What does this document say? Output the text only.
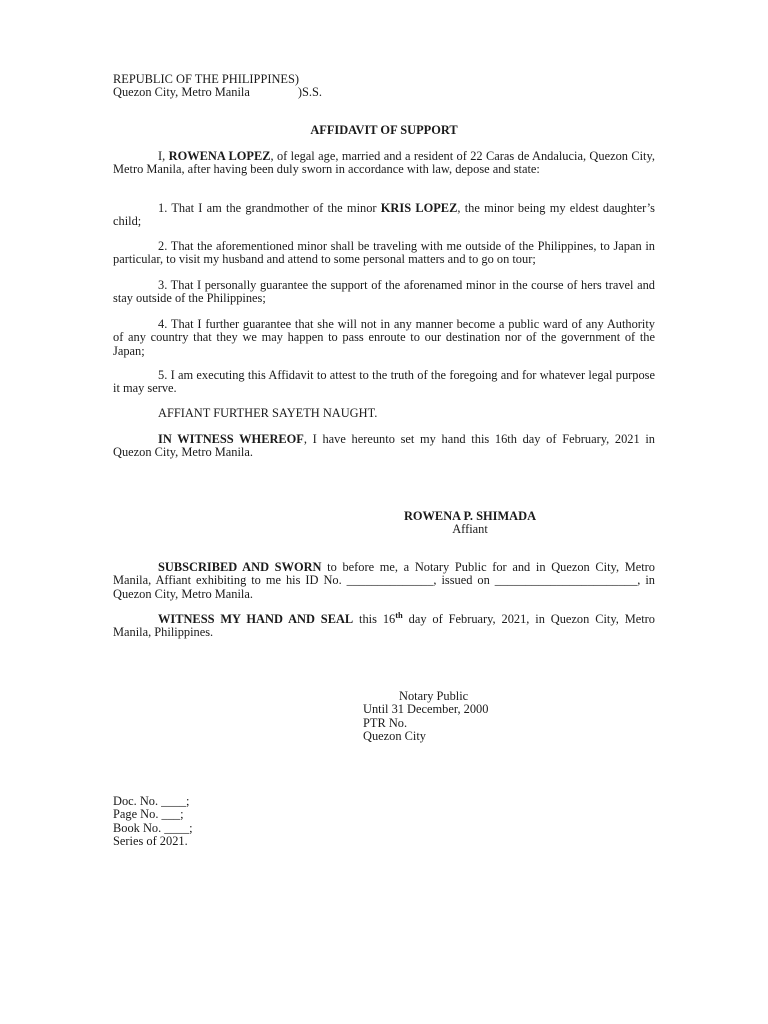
REPUBLIC OF THE PHILIPPINES)
Quezon City, Metro Manila	)S.S.
AFFIDAVIT OF SUPPORT
I, ROWENA LOPEZ, of legal age, married and a resident of 22 Caras de Andalucia, Quezon City, Metro Manila, after having been duly sworn in accordance with law, depose and state:
1. That I am the grandmother of the minor KRIS LOPEZ, the minor being my eldest daughter’s child;
2. That the aforementioned minor shall be traveling with me outside of the Philippines, to Japan in particular, to visit my husband and attend to some personal matters and to go on tour;
3. That I personally guarantee the support of the aforenamed minor in the course of hers travel and stay outside of the Philippines;
4. That I further guarantee that she will not in any manner become a public ward of any Authority of any country that they we may happen to pass enroute to our destination nor of the government of the Japan;
5. I am executing this Affidavit to attest to the truth of the foregoing and for whatever legal purpose it may serve.
AFFIANT FURTHER SAYETH NAUGHT.
IN WITNESS WHEREOF, I have hereunto set my hand this 16th day of February, 2021 in Quezon City, Metro Manila.
ROWENA P. SHIMADA
Affiant
SUBSCRIBED AND SWORN to before me, a Notary Public for and in Quezon City, Metro Manila, Affiant exhibiting to me his ID No. ______________, issued on _______________________, in Quezon City, Metro Manila.
WITNESS MY HAND AND SEAL this 16th day of February, 2021, in Quezon City, Metro Manila, Philippines.
Notary Public
Until 31 December, 2000
PTR No.
Quezon City
Doc. No. ____;
Page No. ___;
Book No. ____;
Series of 2021.
